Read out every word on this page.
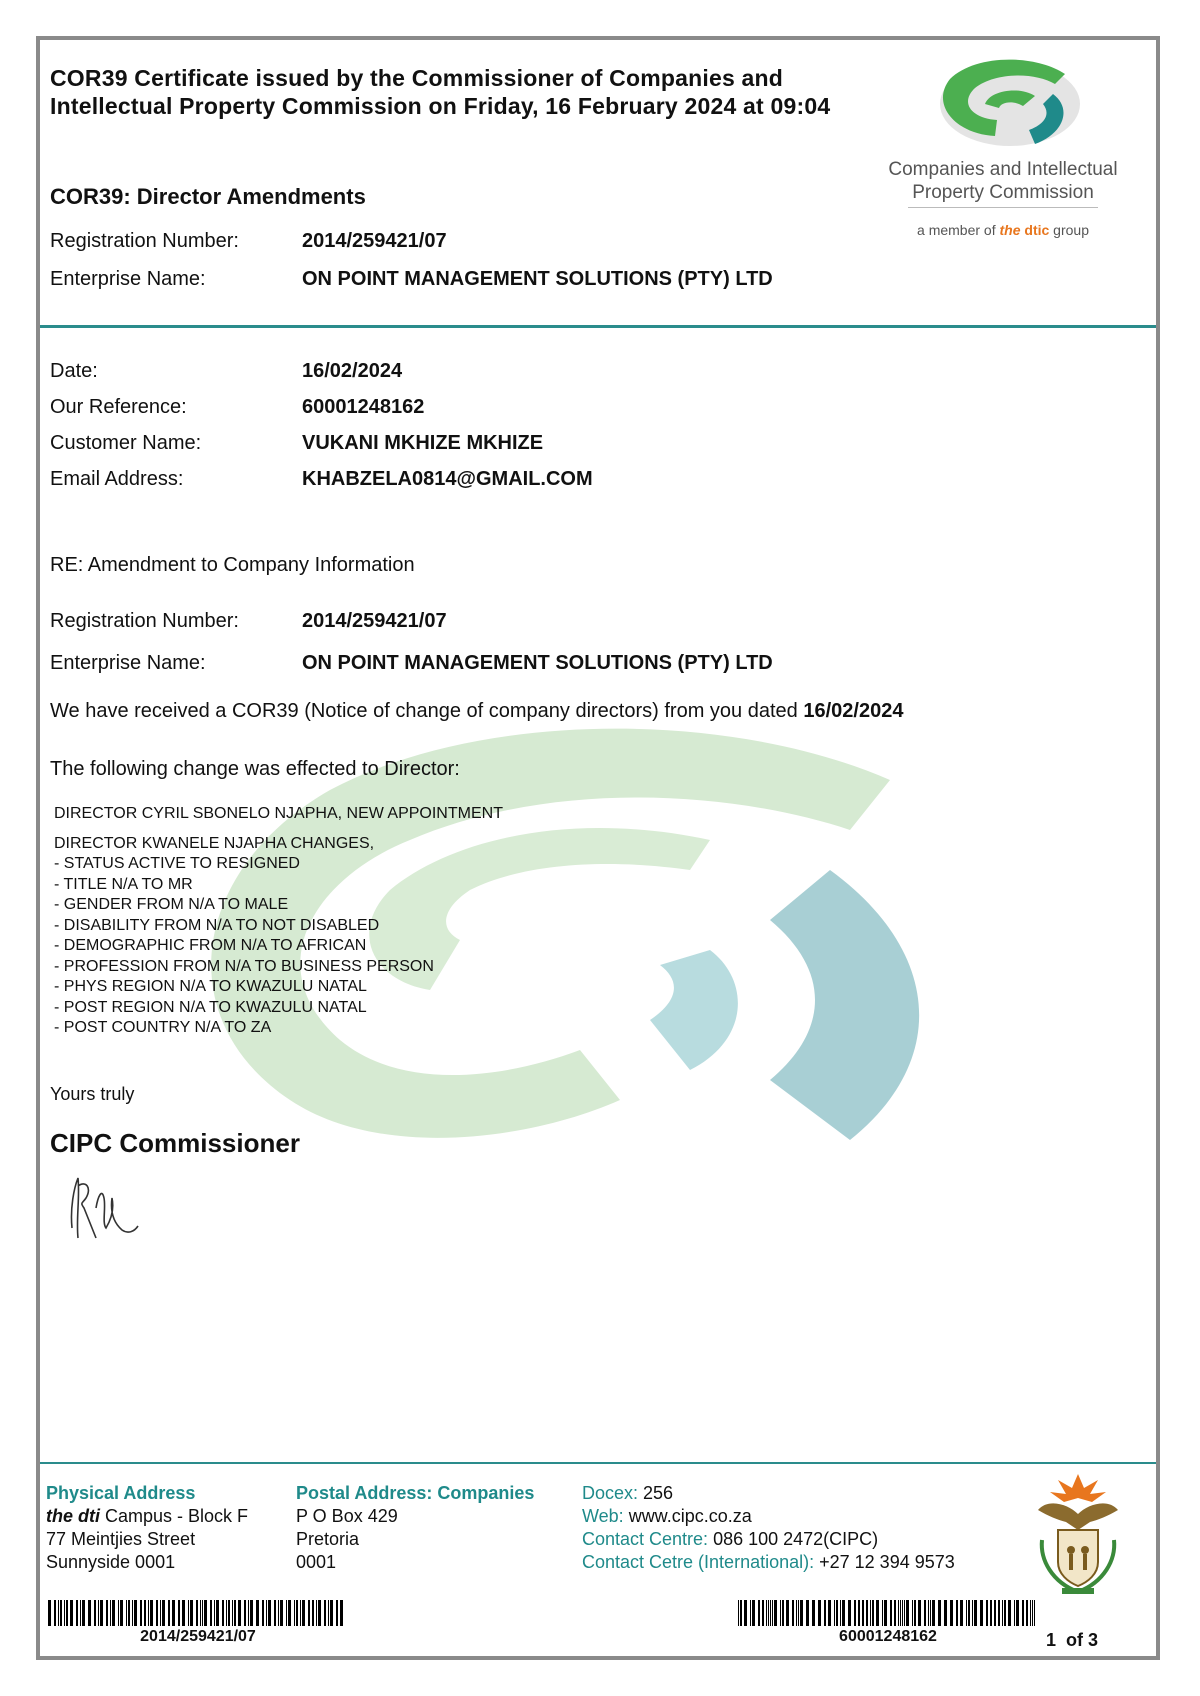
COR39 Certificate issued by the Commissioner of Companies and
Intellectual Property Commission on Friday, 16 February 2024 at 09:04
Companies and Intellectual
Property Commission
a member of the dtic group
COR39: Director Amendments
Registration Number:	2014/259421/07
Enterprise Name:	ON POINT MANAGEMENT SOLUTIONS (PTY) LTD
Date:	16/02/2024
Our Reference:	60001248162
Customer Name:	VUKANI MKHIZE MKHIZE
Email Address:	KHABZELA0814@GMAIL.COM
RE: Amendment to Company Information
Registration Number:	2014/259421/07
Enterprise Name:	ON POINT MANAGEMENT SOLUTIONS (PTY) LTD
We have received a COR39 (Notice of change of company directors) from you dated 16/02/2024
The following change was effected to Director:
DIRECTOR CYRIL SBONELO NJAPHA, NEW APPOINTMENT
DIRECTOR KWANELE NJAPHA CHANGES,
- STATUS ACTIVE TO RESIGNED
- TITLE N/A TO MR
- GENDER FROM N/A TO MALE
- DISABILITY FROM N/A TO NOT DISABLED
- DEMOGRAPHIC FROM N/A TO AFRICAN
- PROFESSION FROM N/A TO BUSINESS PERSON
- PHYS REGION N/A TO KWAZULU NATAL
- POST REGION N/A TO KWAZULU NATAL
- POST COUNTRY N/A TO ZA
Yours truly
CIPC Commissioner
Physical Address
the dti Campus - Block F
77 Meintjies Street
Sunnyside 0001
Postal Address: Companies
P O Box 429
Pretoria
0001
Docex: 256
Web: www.cipc.co.za
Contact Centre: 086 100 2472(CIPC)
Contact Cetre (International): +27 12 394 9573
2014/259421/07	60001248162	1 of 3
